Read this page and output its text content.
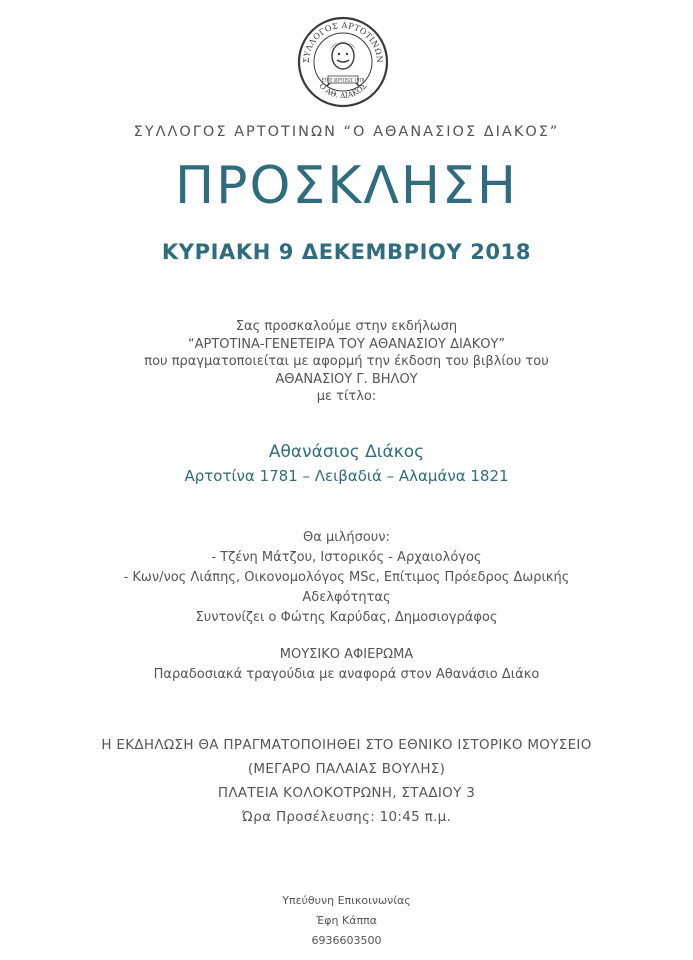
ΣΥΛΛΟΓΟΣ ΑΡΤΟΤΙΝΩΝ
Ο ΑΘ. ΔΙΑΚΟΣ
ΕΤΟΣ ΙΔΡΥΣΕΩΣ 1978
ΣΥΛΛΟΓΟΣ ΑΡΤΟΤΙΝΩΝ “Ο ΑΘΑΝΑΣΙΟΣ ΔΙΑΚΟΣ”
ΠΡΟΣΚΛΗΣΗ
ΚΥΡΙΑΚΗ 9 ΔΕΚΕΜΒΡΙΟΥ 2018
Σας προσκαλούμε στην εκδήλωση
“ΑΡΤΟΤΙΝΑ-ΓΕΝΕΤΕΙΡΑ ΤΟΥ ΑΘΑΝΑΣΙΟΥ ΔΙΑΚΟΥ”
που πραγματοποιείται με αφορμή την έκδοση του βιβλίου του
ΑΘΑΝΑΣΙΟΥ Γ. ΒΗΛΟΥ
με τίτλο:
Αθανάσιος Διάκος
Αρτοτίνα 1781 – Λειβαδιά – Αλαμάνα 1821
Θα μιλήσουν:
- Τζένη Μάτζου, Ιστορικός - Αρχαιολόγος
- Κων/νος Λιάπης, Οικονομολόγος MSc, Επίτιμος Πρόεδρος Δωρικής
Αδελφότητας
Συντονίζει ο Φώτης Καρύδας, Δημοσιογράφος
ΜΟΥΣΙΚΟ ΑΦΙΕΡΩΜΑ
Παραδοσιακά τραγούδια με αναφορά στον Αθανάσιο Διάκο
Η ΕΚΔΗΛΩΣΗ ΘΑ ΠΡΑΓΜΑΤΟΠΟΙΗΘΕΙ ΣΤΟ ΕΘΝΙΚΟ ΙΣΤΟΡΙΚΟ ΜΟΥΣΕΙΟ
(ΜΕΓΑΡΟ ΠΑΛΑΙΑΣ ΒΟΥΛΗΣ)
ΠΛΑΤΕΙΑ ΚΟΛΟΚΟΤΡΩΝΗ, ΣΤΑΔΙΟΥ 3
Ώρα Προσέλευσης: 10:45 π.μ.
Υπεύθυνη Επικοινωνίας
Έφη Κάππα
6936603500
